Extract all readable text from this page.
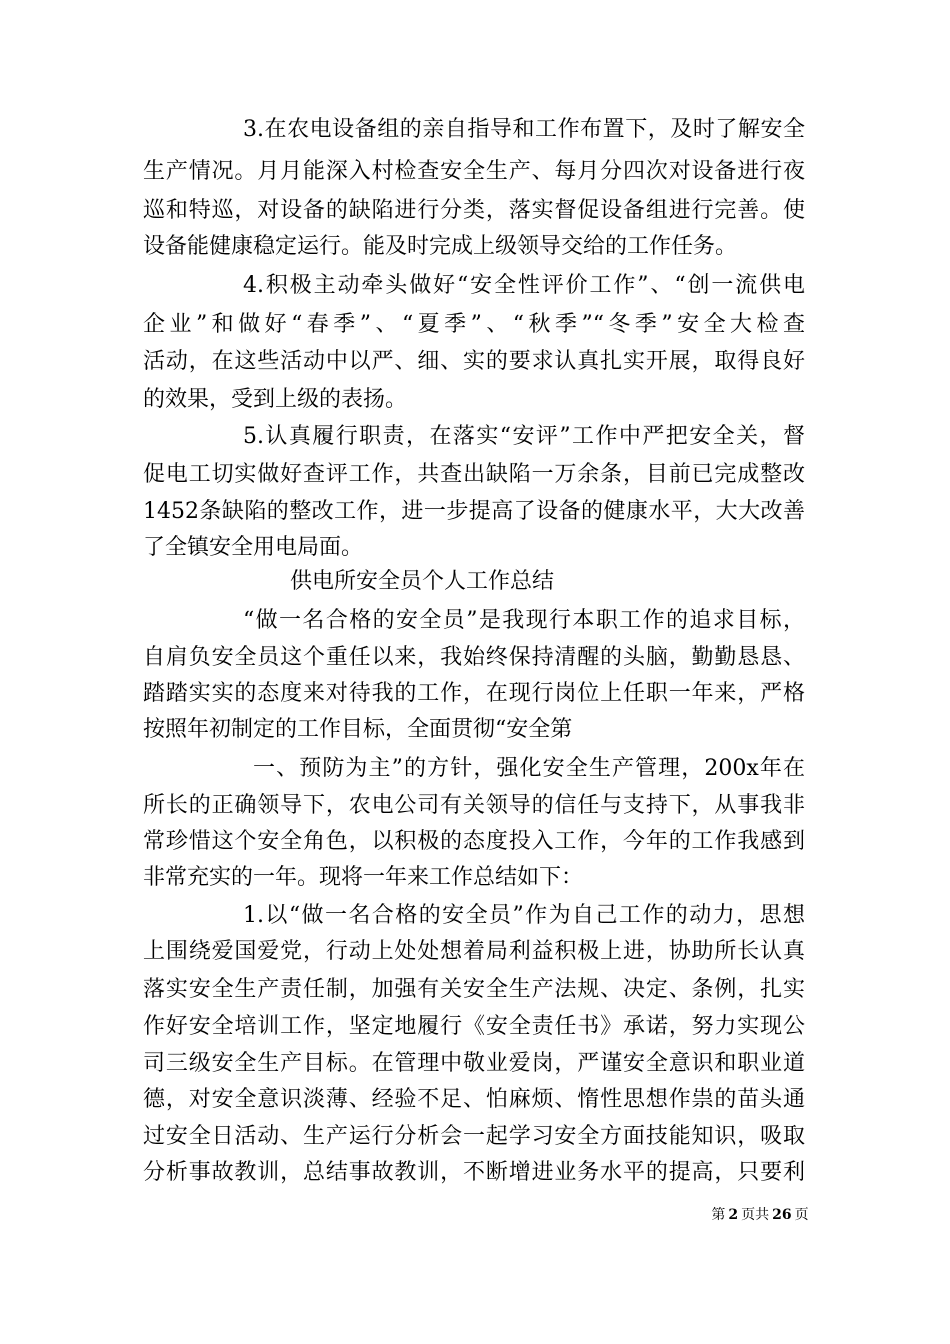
3.在农电设备组的亲自指导和工作布置下，及时了解安全
生产情况。月月能深入村检查安全生产、每月分四次对设备进行夜
巡和特巡，对设备的缺陷进行分类，落实督促设备组进行完善。使
设备能健康稳定运行。能及时完成上级领导交给的工作任务。
4.积极主动牵头做好“安全性评价工作”、“创一流供电
企业”和做好“春季”、“夏季”、“秋季”“冬季”安全大检查
活动，在这些活动中以严、细、实的要求认真扎实开展，取得良好
的效果，受到上级的表扬。
5.认真履行职责，在落实“安评”工作中严把安全关，督
促电工切实做好查评工作，共查出缺陷一万余条，目前已完成整改
1452条缺陷的整改工作，进一步提高了设备的健康水平，大大改善
了全镇安全用电局面。
供电所安全员个人工作总结
“做一名合格的安全员”是我现行本职工作的追求目标，
自肩负安全员这个重任以来，我始终保持清醒的头脑，勤勤恳恳、
踏踏实实的态度来对待我的工作，在现行岗位上任职一年来，严格
按照年初制定的工作目标，全面贯彻“安全第
一、预防为主”的方针，强化安全生产管理，200x年在
所长的正确领导下，农电公司有关领导的信任与支持下，从事我非
常珍惜这个安全角色，以积极的态度投入工作，今年的工作我感到
非常充实的一年。现将一年来工作总结如下：
1.以“做一名合格的安全员”作为自己工作的动力，思想
上围绕爱国爱党，行动上处处想着局利益积极上进，协助所长认真
落实安全生产责任制，加强有关安全生产法规、决定、条例，扎实
作好安全培训工作，坚定地履行《安全责任书》承诺，努力实现公
司三级安全生产目标。在管理中敬业爱岗，严谨安全意识和职业道
德，对安全意识淡薄、经验不足、怕麻烦、惰性思想作祟的苗头通
过安全日活动、生产运行分析会一起学习安全方面技能知识，吸取
分析事故教训，总结事故教训，不断增进业务水平的提高，只要利
第 2 页共 26 页
